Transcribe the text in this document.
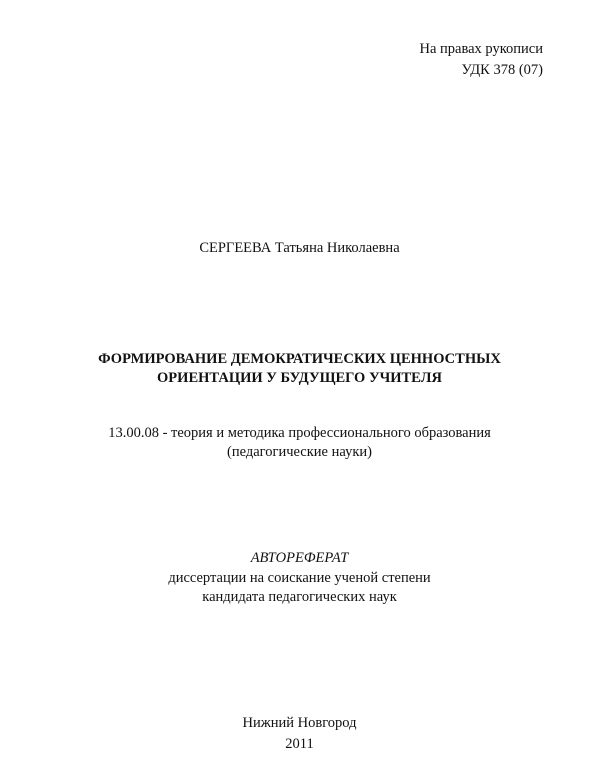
На правах рукописи
УДК 378 (07)
СЕРГЕЕВА Татьяна Николаевна
ФОРМИРОВАНИЕ ДЕМОКРАТИЧЕСКИХ ЦЕННОСТНЫХ
ОРИЕНТАЦИИ У БУДУЩЕГО УЧИТЕЛЯ
13.00.08 - теория и методика профессионального образования
(педагогические науки)
АВТОРЕФЕРАТ
диссертации на соискание ученой степени
кандидата педагогических наук
Нижний Новгород
2011
